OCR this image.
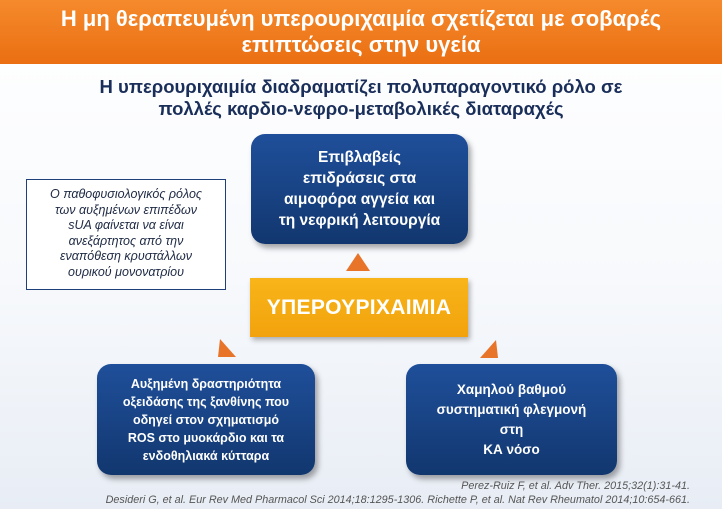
Η μη θεραπευμένη υπερουριχαιμία σχετίζεται με σοβαρές
επιπτώσεις στην υγεία
Η υπερουριχαιμία διαδραματίζει πολυπαραγοντικό ρόλο σε
πολλές καρδιο-νεφρο-μεταβολικές διαταραχές
Ο παθοφυσιολογικός ρόλος
των αυξημένων επιπέδων
sUA φαίνεται να είναι
ανεξάρτητος από την
εναπόθεση κρυστάλλων
ουρικού μονονατρίου
Επιβλαβείς
επιδράσεις στα
αιμοφόρα αγγεία και
τη νεφρική λειτουργία
ΥΠΕΡΟΥΡΙΧΑΙΜΙΑ
Αυξημένη δραστηριότητα
οξειδάσης της ξανθίνης που
οδηγεί στον σχηματισμό
ROS στο μυοκάρδιο και τα
ενδοθηλιακά κύτταρα
Χαμηλού βαθμού
συστηματική φλεγμονή
στη
ΚΑ νόσο
Perez-Ruiz F, et al. Adv Ther. 2015;32(1):31-41.
Desideri G, et al. Eur Rev Med Pharmacol Sci 2014;18:1295-1306. Richette P, et al. Nat Rev Rheumatol 2014;10:654-661.
